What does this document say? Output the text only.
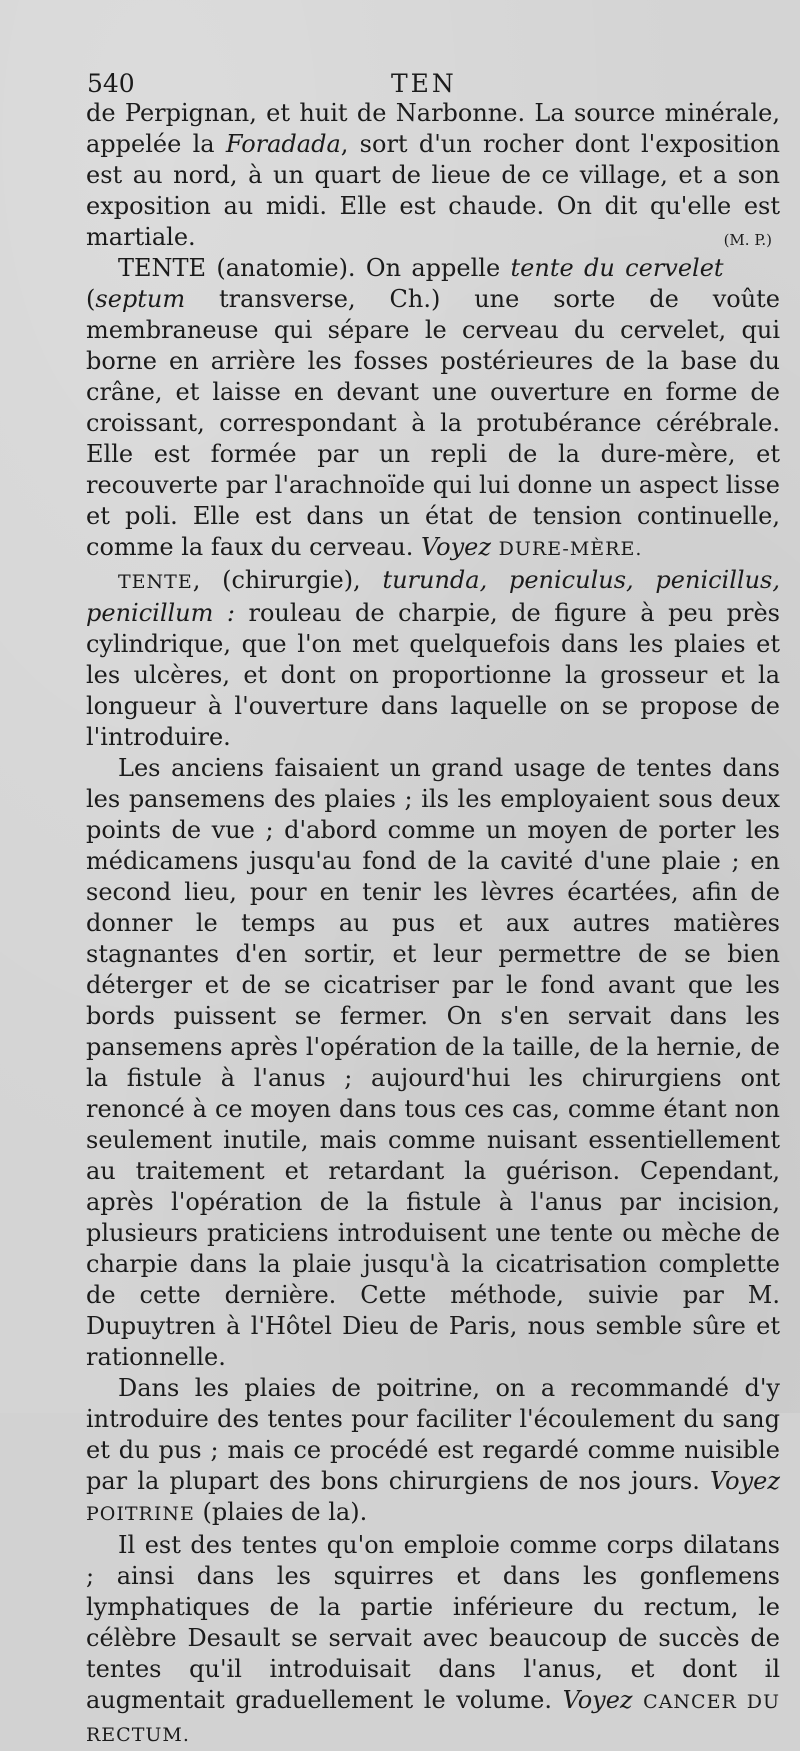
540	TEN

de Perpignan, et huit de Narbonne. La source minérale, appelée la Foradada, sort d'un rocher dont l'exposition est au nord, à un quart de lieue de ce village, et a son exposition au midi. Elle est chaude. On dit qu'elle est martiale.	(M. P.)

TENTE (anatomie). On appelle tente du cervelet (septum transverse, Ch.) une sorte de voûte membraneuse qui sépare le cerveau du cervelet, qui borne en arrière les fosses postérieures de la base du crâne, et laisse en devant une ouverture en forme de croissant, correspondant à la protubérance cérébrale. Elle est formée par un repli de la dure-mère, et recouverte par l'arachnoïde qui lui donne un aspect lisse et poli. Elle est dans un état de tension continuelle, comme la faux du cerveau. Voyez DURE-MÈRE.

TENTE, (chirurgie), turunda, peniculus, penicillus, penicillum : rouleau de charpie, de figure à peu près cylindrique, que l'on met quelquefois dans les plaies et les ulcères, et dont on proportionne la grosseur et la longueur à l'ouverture dans laquelle on se propose de l'introduire.

Les anciens faisaient un grand usage de tentes dans les pansemens des plaies ; ils les employaient sous deux points de vue ; d'abord comme un moyen de porter les médicamens jusqu'au fond de la cavité d'une plaie ; en second lieu, pour en tenir les lèvres écartées, afin de donner le temps au pus et aux autres matières stagnantes d'en sortir, et leur permettre de se bien déterger et de se cicatriser par le fond avant que les bords puissent se fermer. On s'en servait dans les pansemens après l'opération de la taille, de la hernie, de la fistule à l'anus ; aujourd'hui les chirurgiens ont renoncé à ce moyen dans tous ces cas, comme étant non seulement inutile, mais comme nuisant essentiellement au traitement et retardant la guérison. Cependant, après l'opération de la fistule à l'anus par incision, plusieurs praticiens introduisent une tente ou mèche de charpie dans la plaie jusqu'à la cicatrisation complette de cette dernière. Cette méthode, suivie par M. Dupuytren à l'Hôtel Dieu de Paris, nous semble sûre et rationnelle.

Dans les plaies de poitrine, on a recommandé d'y introduire des tentes pour faciliter l'écoulement du sang et du pus ; mais ce procédé est regardé comme nuisible par la plupart des bons chirurgiens de nos jours. Voyez POITRINE (plaies de la).

Il est des tentes qu'on emploie comme corps dilatans ; ainsi dans les squirres et dans les gonflemens lymphatiques de la partie inférieure du rectum, le célèbre Desault se servait avec beaucoup de succès de tentes qu'il introduisait dans l'anus, et dont il augmentait graduellement le volume. Voyez CANCER DU RECTUM.
